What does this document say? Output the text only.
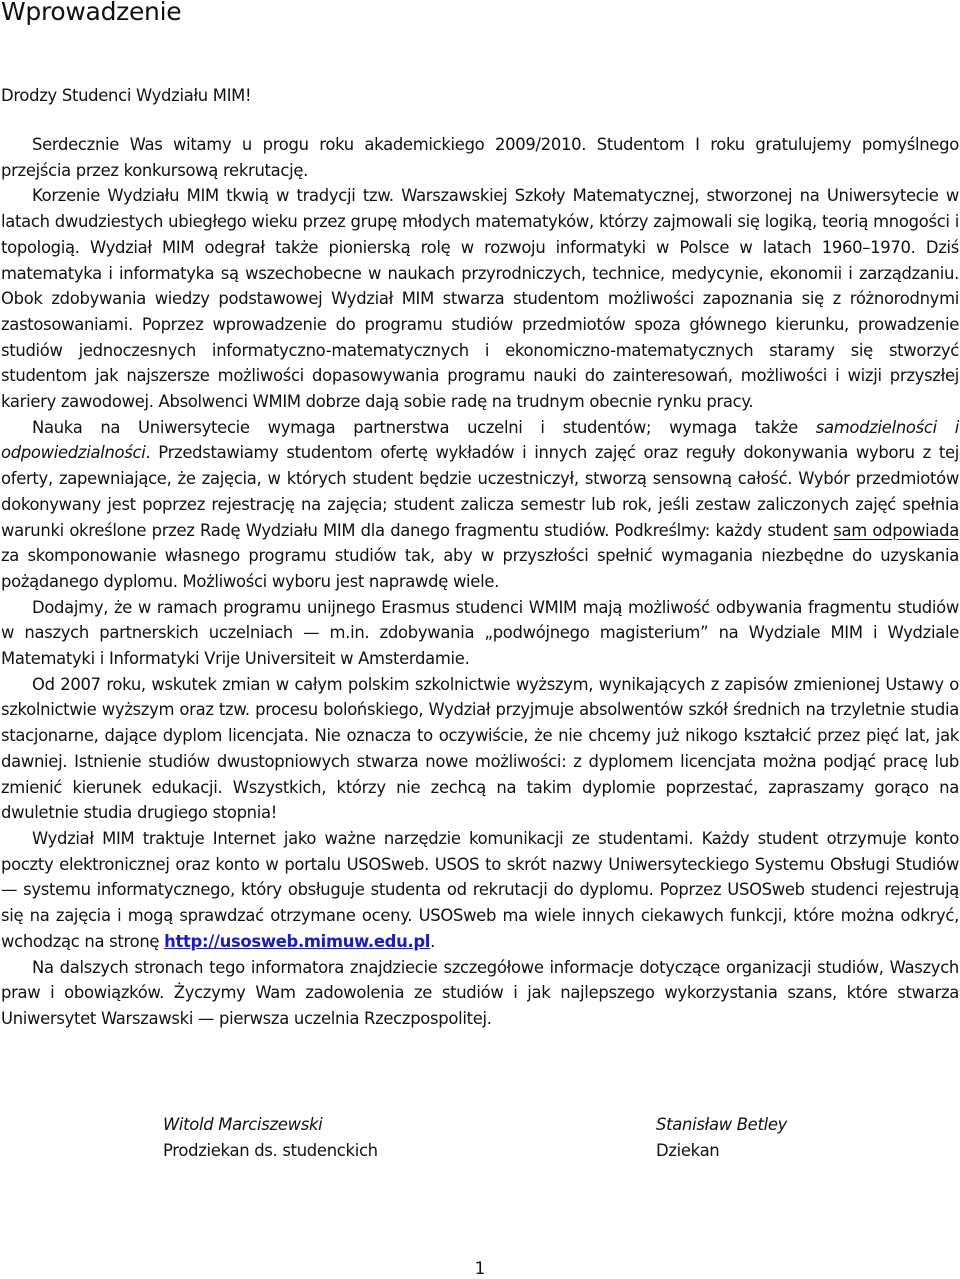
Wprowadzenie

Drodzy Studenci Wydziału MIM!

Serdecznie Was witamy u progu roku akademickiego 2009/2010. Studentom I roku gratulujemy pomyślnego przejścia przez konkursową rekrutację.

Korzenie Wydziału MIM tkwią w tradycji tzw. Warszawskiej Szkoły Matematycznej, stworzonej na Uniwersytecie w latach dwudziestych ubiegłego wieku przez grupę młodych matematyków, którzy zajmowali się logiką, teorią mnogości i topologią. Wydział MIM odegrał także pionierską rolę w rozwoju informatyki w Polsce w latach 1960–1970. Dziś matematyka i informatyka są wszechobecne w naukach przyrodniczych, technice, medycynie, ekonomii i zarządzaniu. Obok zdobywania wiedzy podstawowej Wydział MIM stwarza studentom możliwości zapoznania się z różnorodnymi zastosowaniami. Poprzez wprowadzenie do programu studiów przedmiotów spoza głównego kierunku, prowadzenie studiów jednoczesnych informatyczno-matematycznych i ekonomiczno-matematycznych staramy się stworzyć studentom jak najszersze możliwości dopasowywania programu nauki do zainteresowań, możliwości i wizji przyszłej kariery zawodowej. Absolwenci WMIM dobrze dają sobie radę na trudnym obecnie rynku pracy.

Nauka na Uniwersytecie wymaga partnerstwa uczelni i studentów; wymaga także samodzielności i odpowiedzialności. Przedstawiamy studentom ofertę wykładów i innych zajęć oraz reguły dokonywania wyboru z tej oferty, zapewniające, że zajęcia, w których student będzie uczestniczył, stworzą sensowną całość. Wybór przedmiotów dokonywany jest poprzez rejestrację na zajęcia; student zalicza semestr lub rok, jeśli zestaw zaliczonych zajęć spełnia warunki określone przez Radę Wydziału MIM dla danego fragmentu studiów. Podkreślmy: każdy student sam odpowiada za skomponowanie własnego programu studiów tak, aby w przyszłości spełnić wymagania niezbędne do uzyskania pożądanego dyplomu. Możliwości wyboru jest naprawdę wiele.

Dodajmy, że w ramach programu unijnego Erasmus studenci WMIM mają możliwość odbywania fragmentu studiów w naszych partnerskich uczelniach — m.in. zdobywania „podwójnego magisterium” na Wydziale MIM i Wydziale Matematyki i Informatyki Vrije Universiteit w Amsterdamie.

Od 2007 roku, wskutek zmian w całym polskim szkolnictwie wyższym, wynikających z zapisów zmienionej Ustawy o szkolnictwie wyższym oraz tzw. procesu bolońskiego, Wydział przyjmuje absolwentów szkół średnich na trzyletnie studia stacjonarne, dające dyplom licencjata. Nie oznacza to oczywiście, że nie chcemy już nikogo kształcić przez pięć lat, jak dawniej. Istnienie studiów dwustopniowych stwarza nowe możliwości: z dyplomem licencjata można podjąć pracę lub zmienić kierunek edukacji. Wszystkich, którzy nie zechcą na takim dyplomie poprzestać, zapraszamy gorąco na dwuletnie studia drugiego stopnia!

Wydział MIM traktuje Internet jako ważne narzędzie komunikacji ze studentami. Każdy student otrzymuje konto poczty elektronicznej oraz konto w portalu USOSweb. USOS to skrót nazwy Uniwersyteckiego Systemu Obsługi Studiów — systemu informatycznego, który obsługuje studenta od rekrutacji do dyplomu. Poprzez USOSweb studenci rejestrują się na zajęcia i mogą sprawdzać otrzymane oceny. USOSweb ma wiele innych ciekawych funkcji, które można odkryć, wchodząc na stronę http://usosweb.mimuw.edu.pl.

Na dalszych stronach tego informatora znajdziecie szczegółowe informacje dotyczące organizacji studiów, Waszych praw i obowiązków. Życzymy Wam zadowolenia ze studiów i jak najlepszego wykorzystania szans, które stwarza Uniwersytet Warszawski — pierwsza uczelnia Rzeczpospolitej.

Witold Marciszewski
Prodziekan ds. studenckich
Stanisław Betley
Dziekan
1
